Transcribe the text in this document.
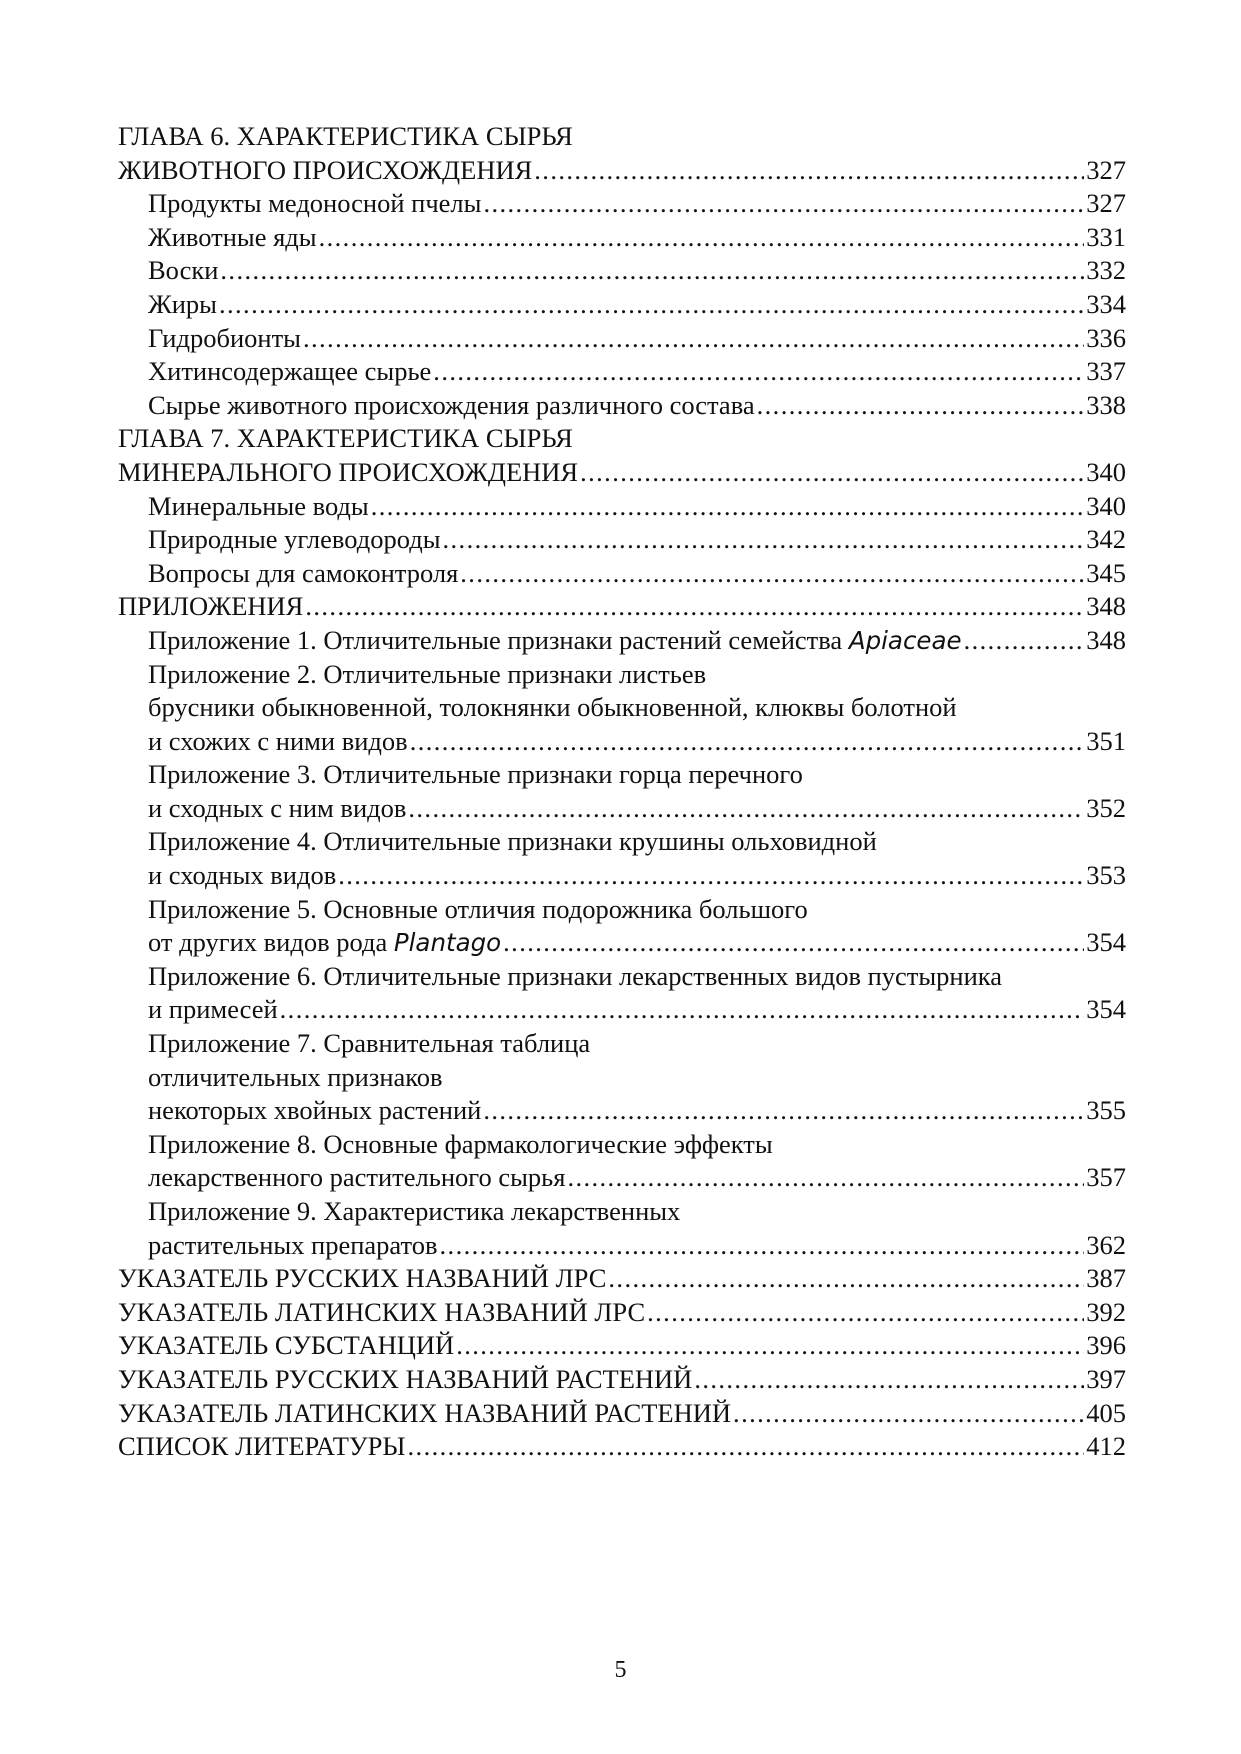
ГЛАВА 6. ХАРАКТЕРИСТИКА СЫРЬЯ
ЖИВОТНОГО ПРОИСХОЖДЕНИЯ .....	327
Продукты медоносной пчелы .....	327
Животные яды .....	331
Воски .....	332
Жиры .....	334
Гидробионты .....	336
Хитинсодержащее сырье .....	337
Сырье животного происхождения различного состава .....	338
ГЛАВА 7. ХАРАКТЕРИСТИКА СЫРЬЯ
МИНЕРАЛЬНОГО ПРОИСХОЖДЕНИЯ .....	340
Минеральные воды .....	340
Природные углеводороды .....	342
Вопросы для самоконтроля .....	345
ПРИЛОЖЕНИЯ .....	348
Приложение 1. Отличительные признаки растений семейства Apiaceae .....	348
Приложение 2. Отличительные признаки листьев
брусники обыкновенной, толокнянки обыкновенной, клюквы болотной
и схожих с ними видов .....	351
Приложение 3. Отличительные признаки горца перечного
и сходных с ним видов .....	352
Приложение 4. Отличительные признаки крушины ольховидной
и сходных видов .....	353
Приложение 5. Основные отличия подорожника большого
от других видов рода Plantago .....	354
Приложение 6. Отличительные признаки лекарственных видов пустырника
и примесей .....	354
Приложение 7. Сравнительная таблица
отличительных признаков
некоторых хвойных растений .....	355
Приложение 8. Основные фармакологические эффекты
лекарственного растительного сырья .....	357
Приложение 9. Характеристика лекарственных
растительных препаратов .....	362
УКАЗАТЕЛЬ РУССКИХ НАЗВАНИЙ ЛРС .....	387
УКАЗАТЕЛЬ ЛАТИНСКИХ НАЗВАНИЙ ЛРС .....	392
УКАЗАТЕЛЬ СУБСТАНЦИЙ .....	396
УКАЗАТЕЛЬ РУССКИХ НАЗВАНИЙ РАСТЕНИЙ .....	397
УКАЗАТЕЛЬ ЛАТИНСКИХ НАЗВАНИЙ РАСТЕНИЙ .....	405
СПИСОК ЛИТЕРАТУРЫ .....	412
5
